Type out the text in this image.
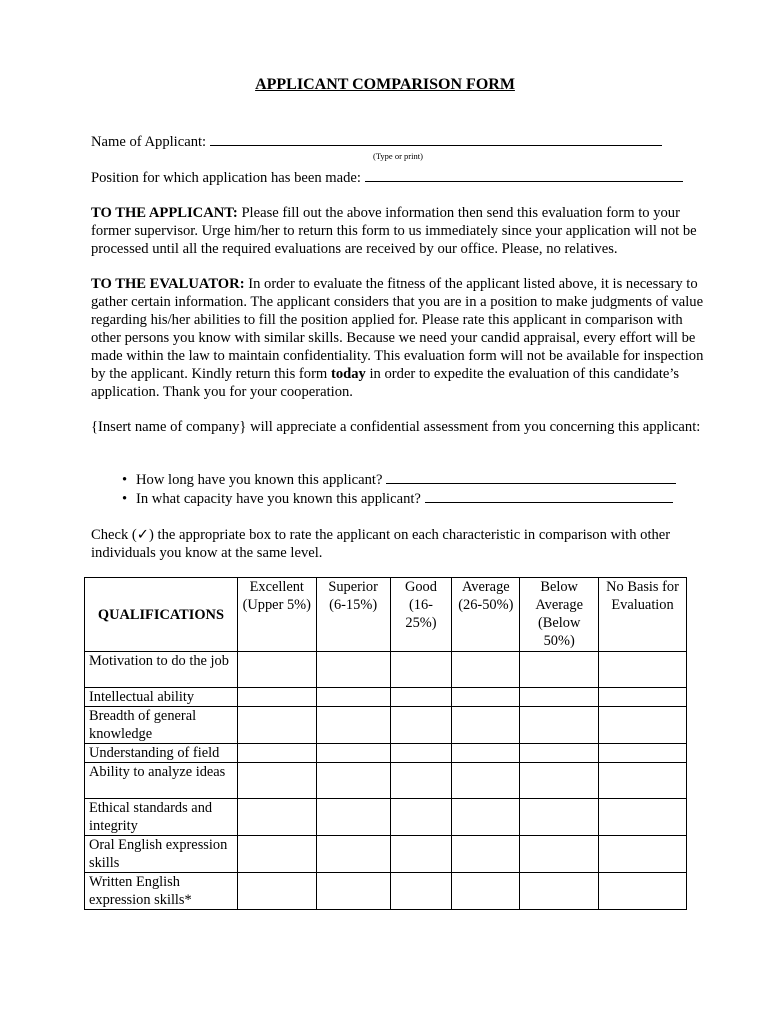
APPLICANT COMPARISON FORM
Name of Applicant:
(Type or print)
Position for which application has been made:

TO THE APPLICANT: Please fill out the above information then send this evaluation form to your former supervisor. Urge him/her to return this form to us immediately since your application will not be processed until all the required evaluations are received by our office. Please, no relatives.

TO THE EVALUATOR: In order to evaluate the fitness of the applicant listed above, it is necessary to gather certain information. The applicant considers that you are in a position to make judgments of value regarding his/her abilities to fill the position applied for. Please rate this applicant in comparison with other persons you know with similar skills. Because we need your candid appraisal, every effort will be made within the law to maintain confidentiality. This evaluation form will not be available for inspection by the applicant. Kindly return this form today in order to expedite the evaluation of this candidate’s application. Thank you for your cooperation.

{Insert name of company} will appreciate a confidential assessment from you concerning this applicant:

• How long have you known this applicant?
• In what capacity have you known this applicant?

Check (✓) the appropriate box to rate the applicant on each characteristic in comparison with other individuals you know at the same level.

QUALIFICATIONS	Excellent (Upper 5%)	Superior (6-15%)	Good (16-25%)	Average (26-50%)	Below Average (Below 50%)	No Basis for Evaluation
Motivation to do the job						
Intellectual ability						
Breadth of general knowledge						
Understanding of field						
Ability to analyze ideas						
Ethical standards and integrity						
Oral English expression skills						
Written English expression skills*						
